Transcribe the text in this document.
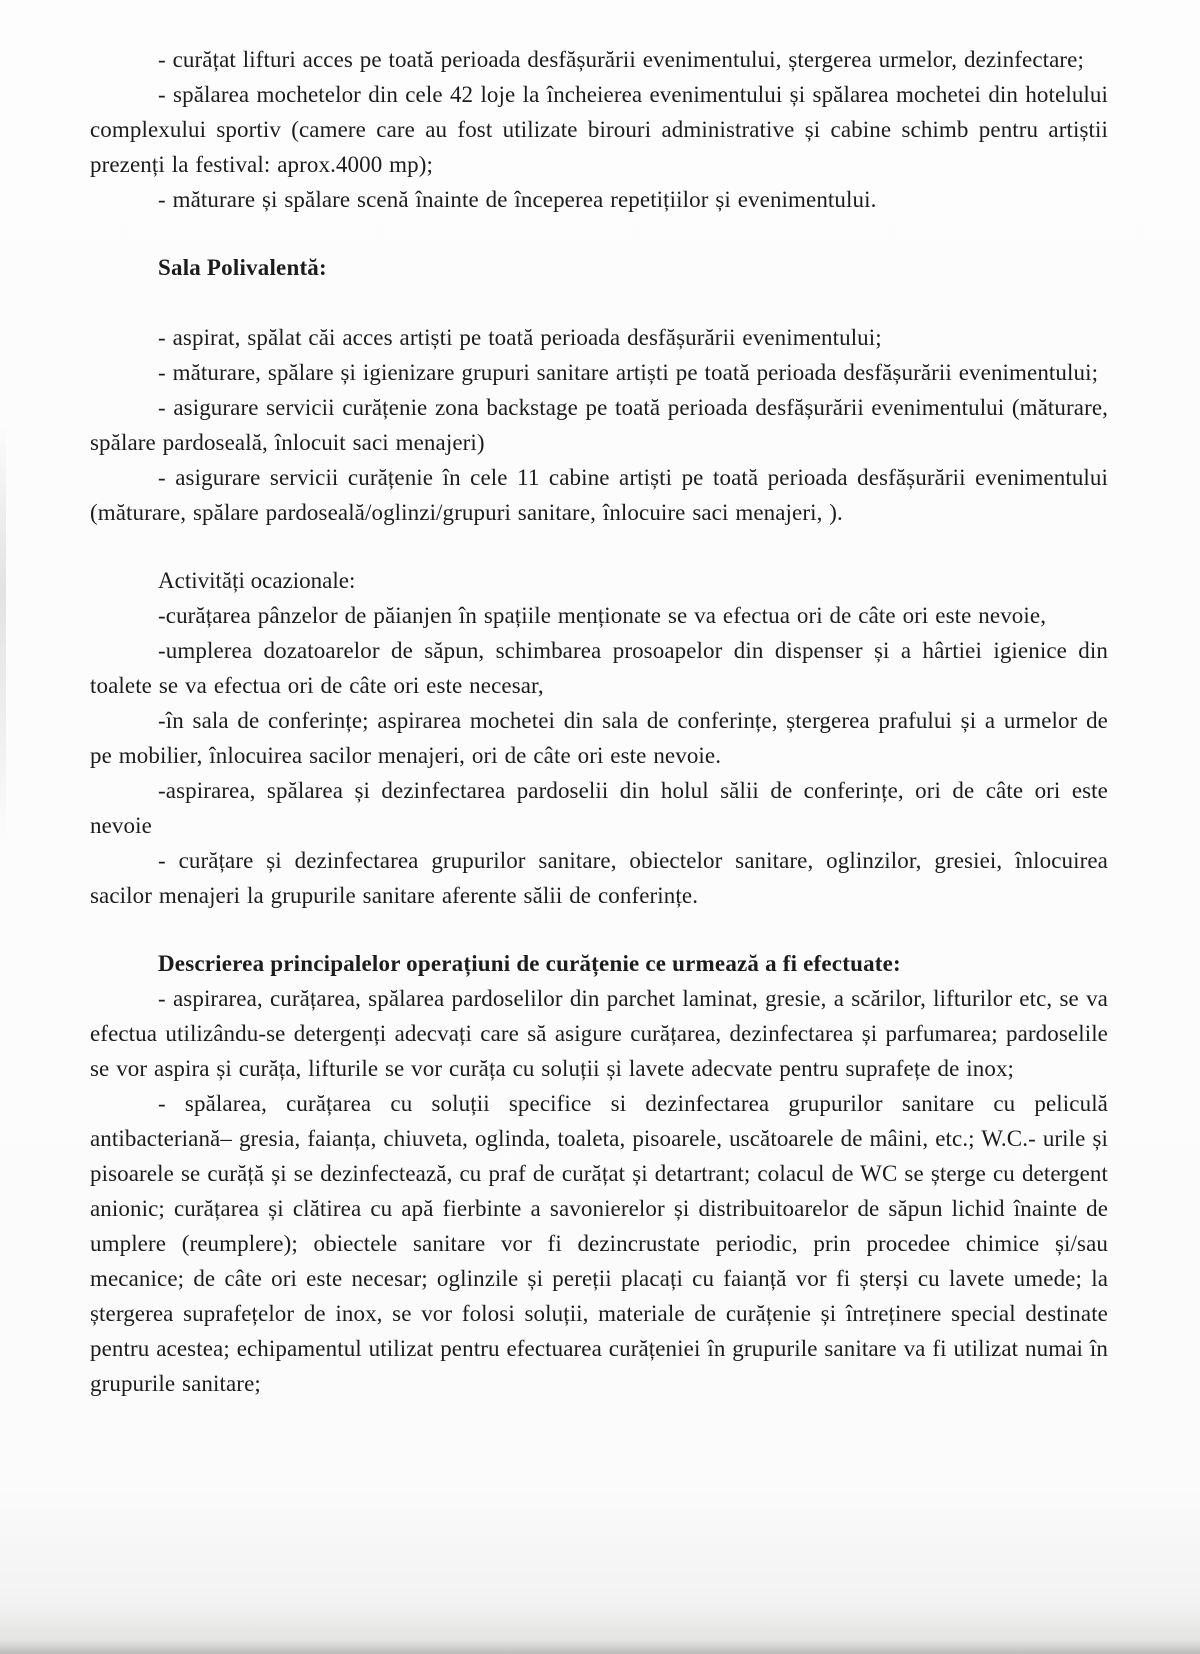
- curățat lifturi acces pe toată perioada desfășurării evenimentului, ștergerea urmelor, dezinfectare;

- spălarea mochetelor din cele 42 loje la încheierea evenimentului și spălarea mochetei din hotelului complexului sportiv (camere care au fost utilizate birouri administrative și cabine schimb pentru artiștii prezenți la festival: aprox.4000 mp);

- măturare și spălare scenă înainte de începerea repetițiilor și evenimentului.

Sala Polivalentă:

- aspirat, spălat căi acces artiști pe toată perioada desfășurării evenimentului;

- măturare, spălare și igienizare grupuri sanitare artiști pe toată perioada desfășurării evenimentului;

- asigurare servicii curățenie zona backstage pe toată perioada desfășurării evenimentului (măturare, spălare pardoseală, înlocuit saci menajeri)

- asigurare servicii curățenie în cele 11 cabine artiști pe toată perioada desfășurării evenimentului (măturare, spălare pardoseală/oglinzi/grupuri sanitare, înlocuire saci menajeri, ).

Activități ocazionale:

-curățarea pânzelor de păianjen în spațiile menționate se va efectua ori de câte ori este nevoie,

-umplerea dozatoarelor de săpun, schimbarea prosoapelor din dispenser și a hârtiei igienice din toalete se va efectua ori de câte ori este necesar,

-în sala de conferințe; aspirarea mochetei din sala de conferințe, ștergerea prafului și a urmelor de pe mobilier, înlocuirea sacilor menajeri, ori de câte ori este nevoie.

-aspirarea, spălarea și dezinfectarea pardoselii din holul sălii de conferințe, ori de câte ori este nevoie

- curățare și dezinfectarea grupurilor sanitare, obiectelor sanitare, oglinzilor, gresiei, înlocuirea sacilor menajeri la grupurile sanitare aferente sălii de conferințe.

Descrierea principalelor operațiuni de curățenie ce urmează a fi efectuate:

- aspirarea, curățarea, spălarea pardoselilor din parchet laminat, gresie, a scărilor, lifturilor etc, se va efectua utilizându-se detergenți adecvați care să asigure curățarea, dezinfectarea și parfumarea; pardoselile se vor aspira și curăța, lifturile se vor curăța cu soluții și lavete adecvate pentru suprafețe de inox;

- spălarea, curățarea cu soluții specifice si dezinfectarea grupurilor sanitare cu peliculă antibacteriană– gresia, faianța, chiuveta, oglinda, toaleta, pisoarele, uscătoarele de mâini, etc.; W.C.- urile și pisoarele se curăță și se dezinfectează, cu praf de curățat și detartrant; colacul de WC se șterge cu detergent anionic; curățarea și clătirea cu apă fierbinte a savonierelor și distribuitoarelor de săpun lichid înainte de umplere (reumplere); obiectele sanitare vor fi dezincrustate periodic, prin procedee chimice și/sau mecanice; de câte ori este necesar; oglinzile și pereții placați cu faianță vor fi șterși cu lavete umede; la ștergerea suprafețelor de inox, se vor folosi soluții, materiale de curățenie și întreținere special destinate pentru acestea; echipamentul utilizat pentru efectuarea curățeniei în grupurile sanitare va fi utilizat numai în grupurile sanitare;
